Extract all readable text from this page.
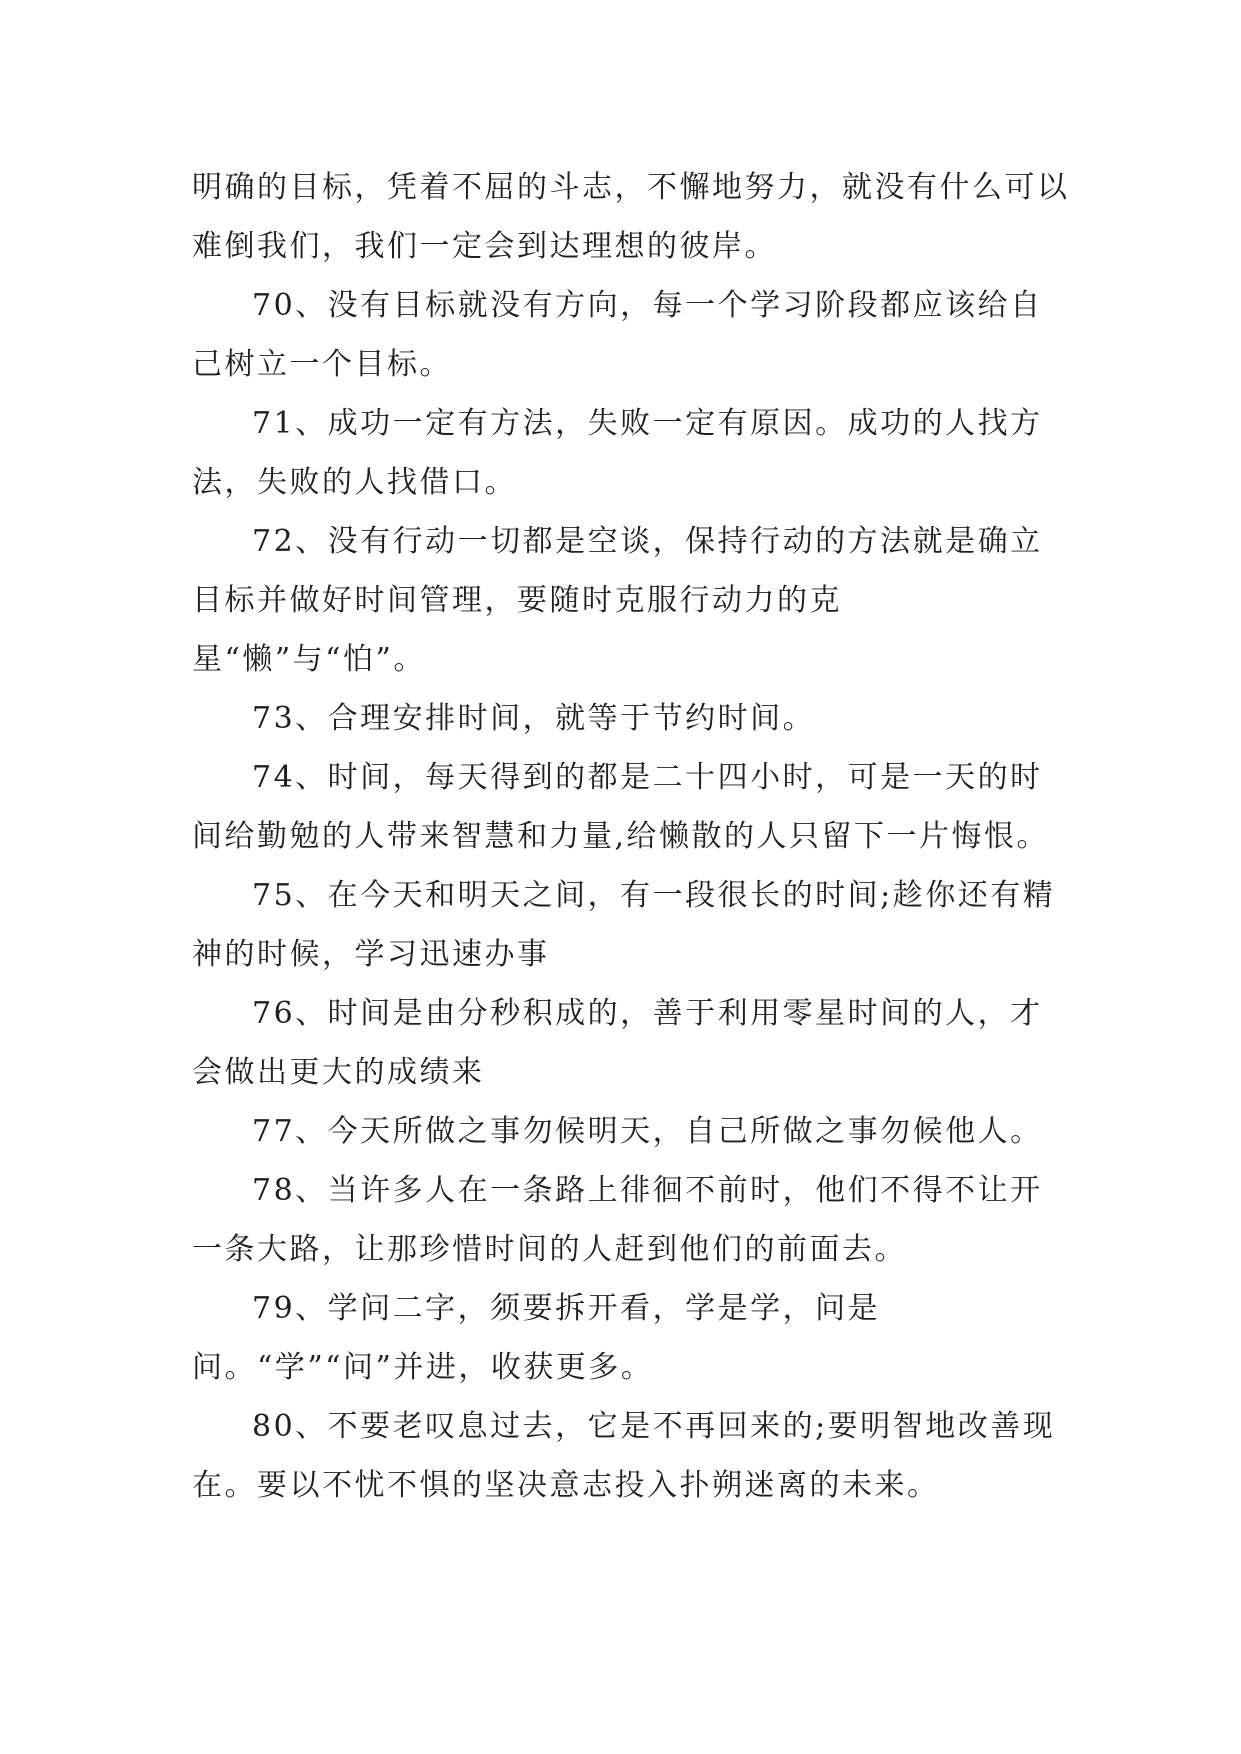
明确的目标，凭着不屈的斗志，不懈地努力，就没有什么可以难倒我们，我们一定会到达理想的彼岸。

70、没有目标就没有方向，每一个学习阶段都应该给自己树立一个目标。

71、成功一定有方法，失败一定有原因。成功的人找方法，失败的人找借口。

72、没有行动一切都是空谈，保持行动的方法就是确立目标并做好时间管理，要随时克服行动力的克星“懒”与“怕”。

73、合理安排时间，就等于节约时间。

74、时间，每天得到的都是二十四小时，可是一天的时间给勤勉的人带来智慧和力量,给懒散的人只留下一片悔恨。

75、在今天和明天之间，有一段很长的时间;趁你还有精神的时候，学习迅速办事

76、时间是由分秒积成的，善于利用零星时间的人，才会做出更大的成绩来

77、今天所做之事勿候明天，自己所做之事勿候他人。

78、当许多人在一条路上徘徊不前时，他们不得不让开一条大路，让那珍惜时间的人赶到他们的前面去。

79、学问二字，须要拆开看，学是学，问是问。“学”“问”并进，收获更多。

80、不要老叹息过去，它是不再回来的;要明智地改善现在。要以不忧不惧的坚决意志投入扑朔迷离的未来。
